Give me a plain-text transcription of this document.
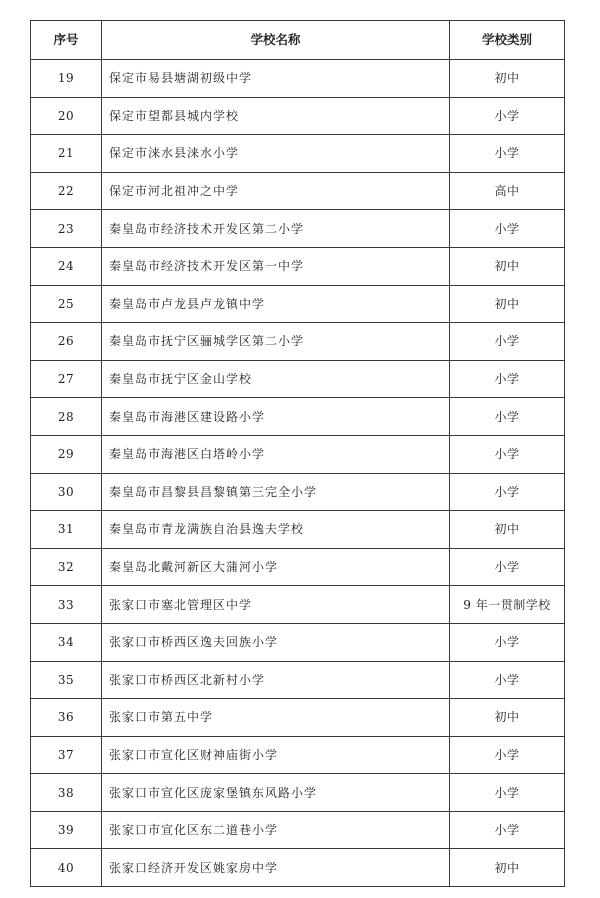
序号	学校名称	学校类别
19	保定市易县塘湖初级中学	初中
20	保定市望都县城内学校	小学
21	保定市涞水县涞水小学	小学
22	保定市河北祖冲之中学	高中
23	秦皇岛市经济技术开发区第二小学	小学
24	秦皇岛市经济技术开发区第一中学	初中
25	秦皇岛市卢龙县卢龙镇中学	初中
26	秦皇岛市抚宁区骊城学区第二小学	小学
27	秦皇岛市抚宁区金山学校	小学
28	秦皇岛市海港区建设路小学	小学
29	秦皇岛市海港区白塔岭小学	小学
30	秦皇岛市昌黎县昌黎镇第三完全小学	小学
31	秦皇岛市青龙满族自治县逸夫学校	初中
32	秦皇岛北戴河新区大蒲河小学	小学
33	张家口市塞北管理区中学	9 年一贯制学校
34	张家口市桥西区逸夫回族小学	小学
35	张家口市桥西区北新村小学	小学
36	张家口市第五中学	初中
37	张家口市宣化区财神庙街小学	小学
38	张家口市宣化区庞家堡镇东风路小学	小学
39	张家口市宣化区东二道巷小学	小学
40	张家口经济开发区姚家房中学	初中
